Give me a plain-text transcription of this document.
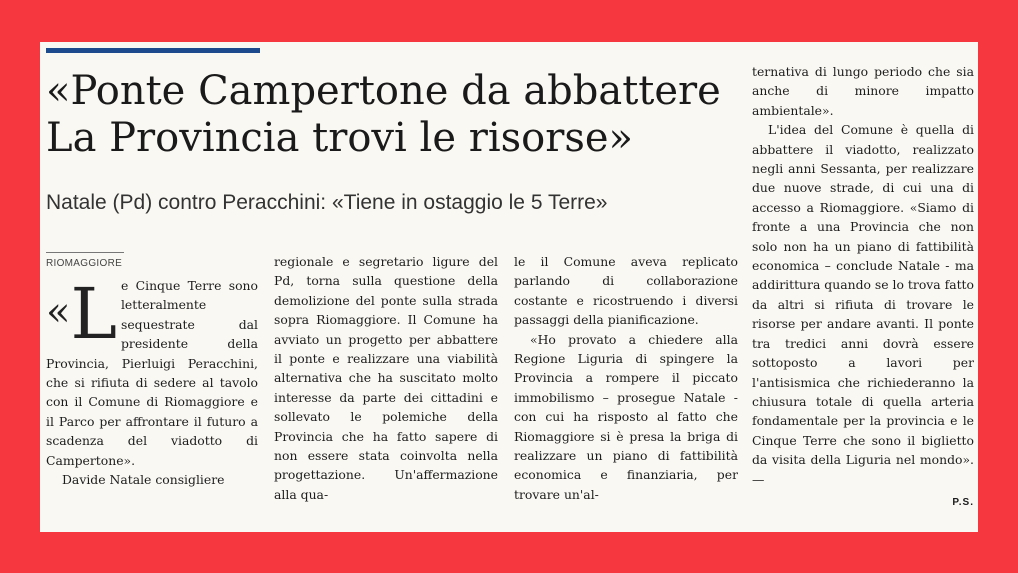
«Ponte Campertone da abbattere
La Provincia trovi le risorse»
Natale (Pd) contro Peracchini: «Tiene in ostaggio le 5 Terre»
RIOMAGGIORE
« L e Cinque Terre sono letteralmente sequestrate dal presidente della Provincia, Pierluigi Peracchini, che si rifiuta di sedere al tavolo con il Comune di Riomaggiore e il Parco per affrontare il futuro a scadenza del viadotto di Campertone».

Davide Natale consigliere

regionale e segretario ligure del Pd, torna sulla questione della demolizione del ponte sulla strada sopra Riomaggiore. Il Comune ha avviato un progetto per abbattere il ponte e realizzare una viabilità alternativa che ha suscitato molto interesse da parte dei cittadini e sollevato le polemiche della Provincia che ha fatto sapere di non essere stata coinvolta nella progettazione. Un'affermazione alla qua-

le il Comune aveva replicato parlando di collaborazione costante e ricostruendo i diversi passaggi della pianificazione.

«Ho provato a chiedere alla Regione Liguria di spingere la Provincia a rompere il piccato immobilismo – prosegue Natale - con cui ha risposto al fatto che Riomaggiore si è presa la briga di realizzare un piano di fattibilità economica e finanziaria, per trovare un'al-

ternativa di lungo periodo che sia anche di minore impatto ambientale».

L'idea del Comune è quella di abbattere il viadotto, realizzato negli anni Sessanta, per realizzare due nuove strade, di cui una di accesso a Riomaggiore. «Siamo di fronte a una Provincia che non solo non ha un piano di fattibilità economica – conclude Natale - ma addirittura quando se lo trova fatto da altri si rifiuta di trovare le risorse per andare avanti. Il ponte tra tredici anni dovrà essere sottoposto a lavori per l'antisismica che richiederanno la chiusura totale di quella arteria fondamentale per la provincia e le Cinque Terre che sono il biglietto da visita della Liguria nel mondo». —

P.S.
